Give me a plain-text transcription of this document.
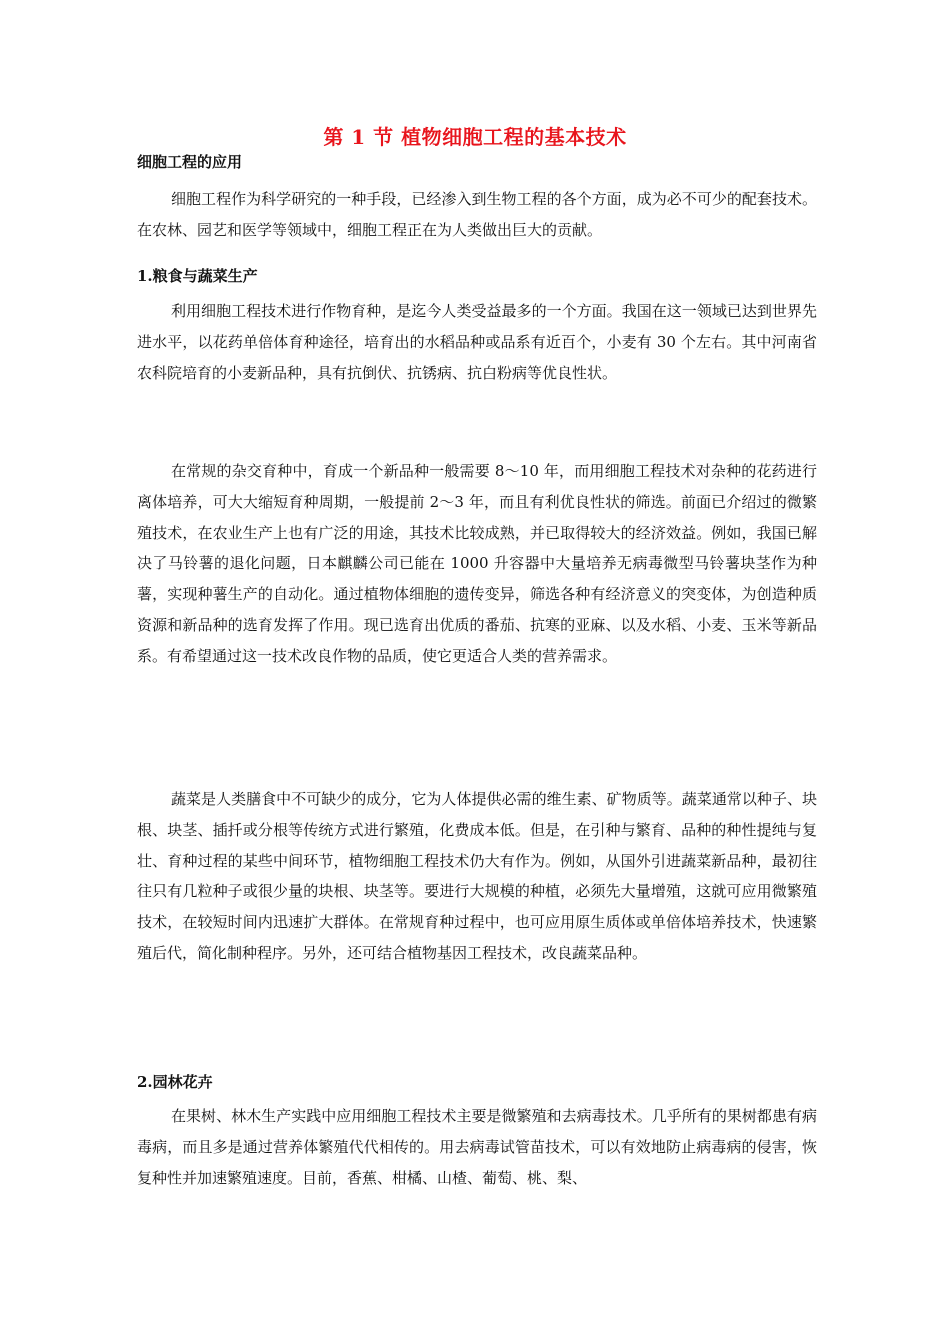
第 1 节 植物细胞工程的基本技术
细胞工程的应用

细胞工程作为科学研究的一种手段，已经渗入到生物工程的各个方面，成为必不可少的配套技术。在农林、园艺和医学等领域中，细胞工程正在为人类做出巨大的贡献。

1.粮食与蔬菜生产

利用细胞工程技术进行作物育种，是迄今人类受益最多的一个方面。我国在这一领域已达到世界先进水平，以花药单倍体育种途径，培育出的水稻品种或品系有近百个，小麦有 30 个左右。其中河南省农科院培育的小麦新品种，具有抗倒伏、抗锈病、抗白粉病等优良性状。

在常规的杂交育种中，育成一个新品种一般需要 8～10 年，而用细胞工程技术对杂种的花药进行离体培养，可大大缩短育种周期，一般提前 2～3 年，而且有利优良性状的筛选。前面已介绍过的微繁殖技术，在农业生产上也有广泛的用途，其技术比较成熟，并已取得较大的经济效益。例如，我国已解决了马铃薯的退化问题，日本麒麟公司已能在 1000 升容器中大量培养无病毒微型马铃薯块茎作为种薯，实现种薯生产的自动化。通过植物体细胞的遗传变异，筛选各种有经济意义的突变体，为创造种质资源和新品种的选育发挥了作用。现已选育出优质的番茄、抗寒的亚麻、以及水稻、小麦、玉米等新品系。有希望通过这一技术改良作物的品质，使它更适合人类的营养需求。

蔬菜是人类膳食中不可缺少的成分，它为人体提供必需的维生素、矿物质等。蔬菜通常以种子、块根、块茎、插扦或分根等传统方式进行繁殖，化费成本低。但是，在引种与繁育、品种的种性提纯与复壮、育种过程的某些中间环节，植物细胞工程技术仍大有作为。例如，从国外引进蔬菜新品种，最初往往只有几粒种子或很少量的块根、块茎等。要进行大规模的种植，必须先大量增殖，这就可应用微繁殖技术，在较短时间内迅速扩大群体。在常规育种过程中，也可应用原生质体或单倍体培养技术，快速繁殖后代，简化制种程序。另外，还可结合植物基因工程技术，改良蔬菜品种。

2.园林花卉

在果树、林木生产实践中应用细胞工程技术主要是微繁殖和去病毒技术。几乎所有的果树都患有病毒病，而且多是通过营养体繁殖代代相传的。用去病毒试管苗技术，可以有效地防止病毒病的侵害，恢复种性并加速繁殖速度。目前，香蕉、柑橘、山楂、葡萄、桃、梨、
